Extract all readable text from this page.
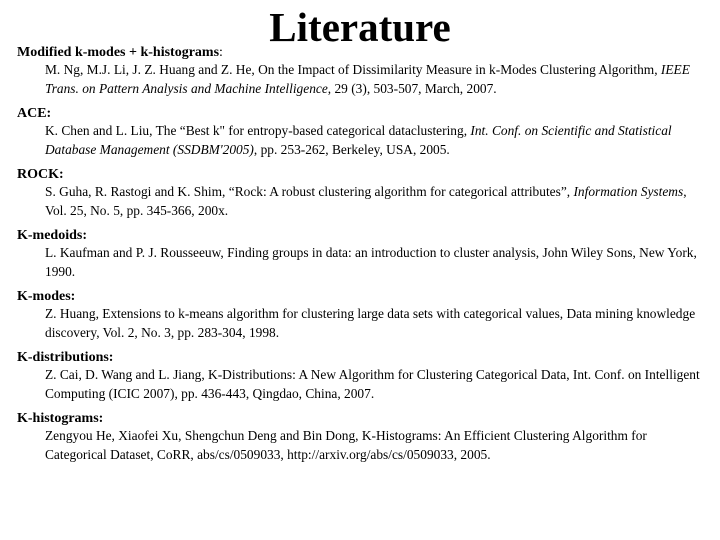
Literature
Modified k-modes + k-histograms:
M. Ng, M.J. Li, J. Z. Huang and Z. He, On the Impact of Dissimilarity Measure in k-Modes Clustering Algorithm, IEEE Trans. on Pattern Analysis and Machine Intelligence, 29 (3), 503-507, March, 2007.
ACE:
K. Chen and L. Liu, The “Best k" for entropy-based categorical dataclustering, Int. Conf. on Scientific and Statistical Database Management (SSDBM'2005), pp. 253-262, Berkeley, USA, 2005.
ROCK:
S. Guha, R. Rastogi and K. Shim, “Rock: A robust clustering algorithm for categorical attributes”, Information Systems, Vol. 25, No. 5, pp. 345-366, 200x.
K-medoids:
L. Kaufman and P. J. Rousseeuw, Finding groups in data: an introduction to cluster analysis, John Wiley Sons, New York, 1990.
K-modes:
Z. Huang, Extensions to k-means algorithm for clustering large data sets with categorical values, Data mining knowledge discovery, Vol. 2, No. 3, pp. 283-304, 1998.
K-distributions:
Z. Cai, D. Wang and L. Jiang, K-Distributions: A New Algorithm for Clustering Categorical Data, Int. Conf. on Intelligent Computing (ICIC 2007), pp. 436-443, Qingdao, China, 2007.
K-histograms:
Zengyou He, Xiaofei Xu, Shengchun Deng and Bin Dong, K-Histograms: An Efficient Clustering Algorithm for Categorical Dataset, CoRR, abs/cs/0509033, http://arxiv.org/abs/cs/0509033, 2005.
